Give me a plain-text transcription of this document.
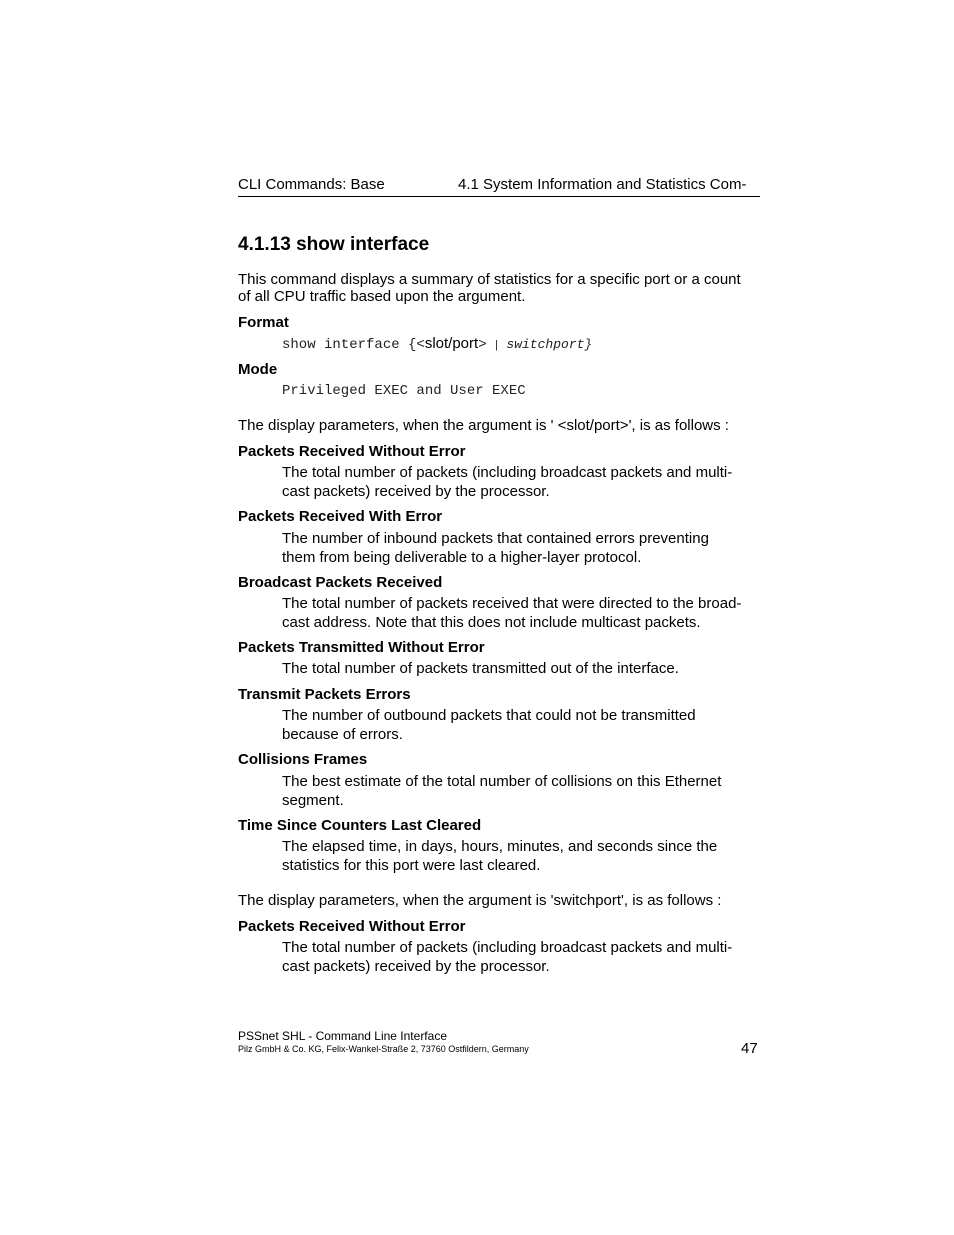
CLI Commands: Base	4.1 System Information and Statistics Com-
4.1.13 show interface
This command displays a summary of statistics for a specific port or a count
of all CPU traffic based upon the argument.
Format
show interface {<slot/port> | switchport}
Mode
Privileged EXEC and User EXEC
The display parameters, when the argument is ' <slot/port>', is as follows :
Packets Received Without Error
The total number of packets (including broadcast packets and multi-
cast packets) received by the processor.
Packets Received With Error
The number of inbound packets that contained errors preventing
them from being deliverable to a higher-layer protocol.
Broadcast Packets Received
The total number of packets received that were directed to the broad-
cast address. Note that this does not include multicast packets.
Packets Transmitted Without Error
The total number of packets transmitted out of the interface.
Transmit Packets Errors
The number of outbound packets that could not be transmitted
because of errors.
Collisions Frames
The best estimate of the total number of collisions on this Ethernet
segment.
Time Since Counters Last Cleared
The elapsed time, in days, hours, minutes, and seconds since the
statistics for this port were last cleared.
The display parameters, when the argument is 'switchport', is as follows :
Packets Received Without Error
The total number of packets (including broadcast packets and multi-
cast packets) received by the processor.
PSSnet SHL - Command Line Interface
Pilz GmbH & Co. KG, Felix-Wankel-Straße 2, 73760 Ostfildern, Germany	47
